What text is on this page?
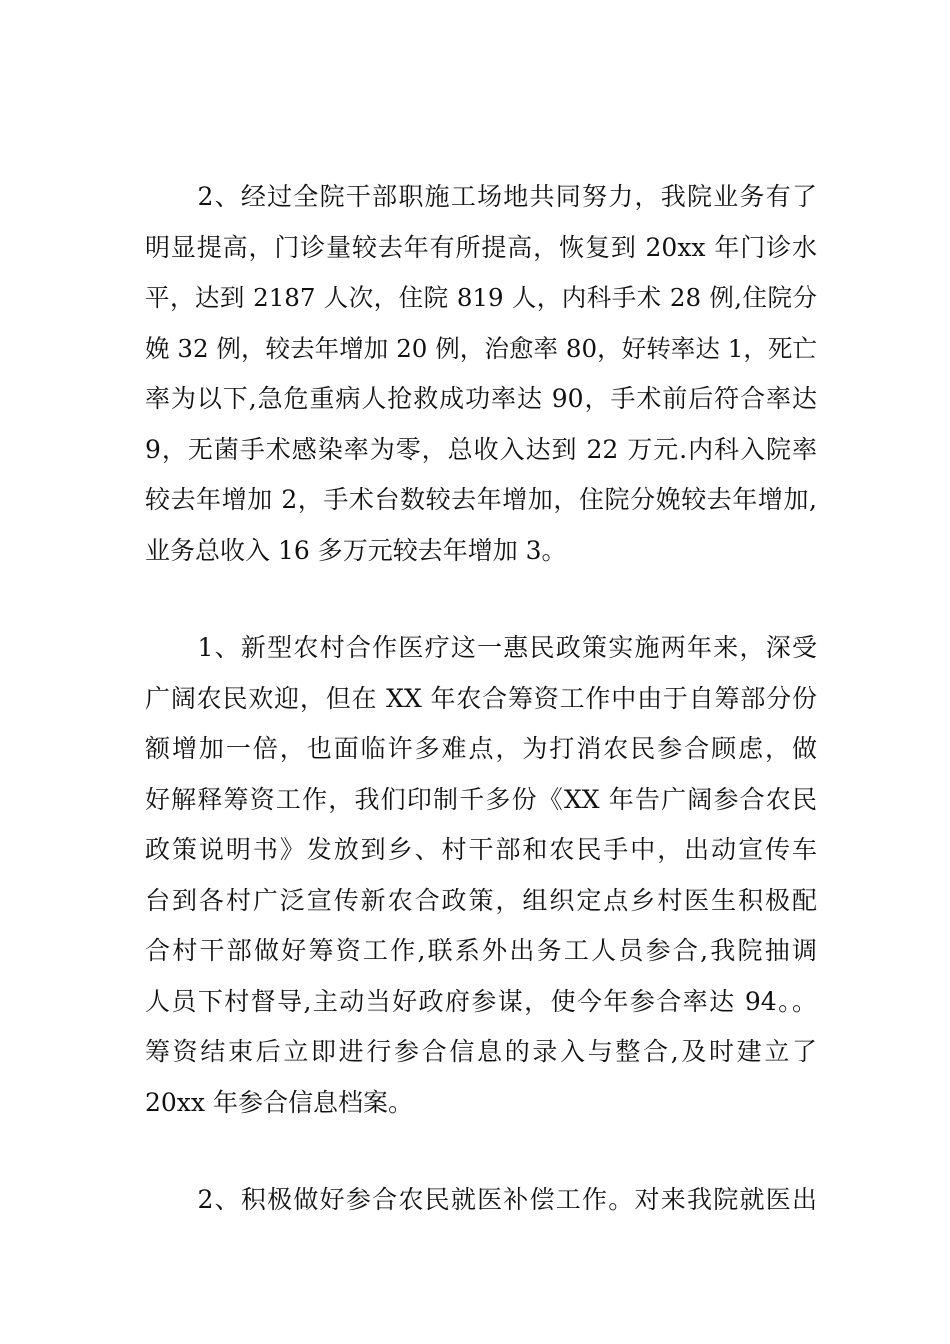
　　2、经过全院干部职施工场地共同努力，我院业务有了
明显提高，门诊量较去年有所提高，恢复到 20xx 年门诊水
平，达到 2187 人次，住院 819 人，内科手术 28 例,住院分
娩 32 例，较去年增加 20 例，治愈率 80，好转率达 1，死亡
率为以下,急危重病人抢救成功率达 90，手术前后符合率达
9，无菌手术感染率为零，总收入达到 22 万元.内科入院率
较去年增加 2，手术台数较去年增加，住院分娩较去年增加,
业务总收入 16 多万元较去年增加 3。

　　1、新型农村合作医疗这一惠民政策实施两年来，深受
广阔农民欢迎，但在 XX 年农合筹资工作中由于自筹部分份
额增加一倍，也面临许多难点，为打消农民参合顾虑，做
好解释筹资工作，我们印制千多份《XX 年告广阔参合农民
政策说明书》发放到乡、村干部和农民手中，出动宣传车
台到各村广泛宣传新农合政策，组织定点乡村医生积极配
合村干部做好筹资工作,联系外出务工人员参合,我院抽调
人员下村督导,主动当好政府参谋，使今年参合率达 94。。
筹资结束后立即进行参合信息的录入与整合,及时建立了
20xx 年参合信息档案。

　　2、积极做好参合农民就医补偿工作。对来我院就医出
